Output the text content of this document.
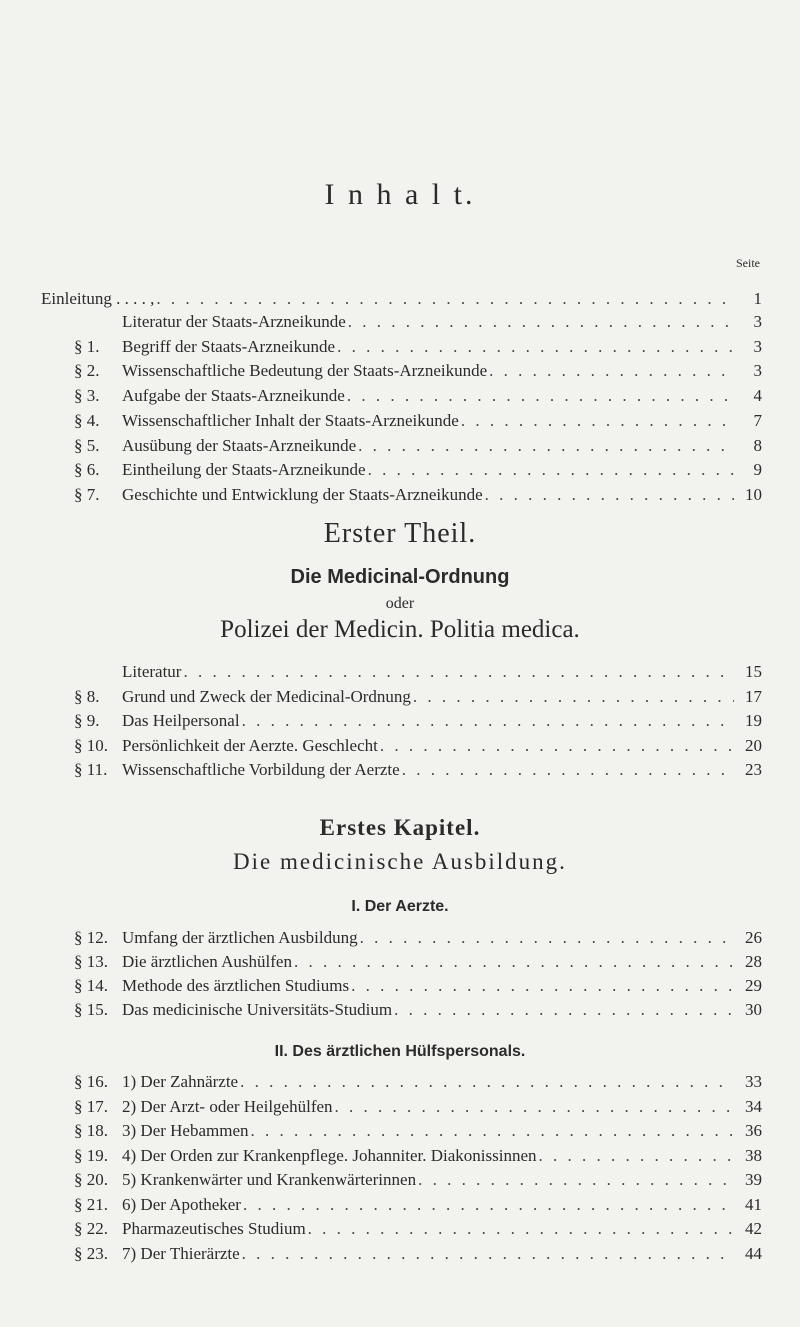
I n h a l t.
Seite
Einleitung . . . . , . . .	1
Literatur der Staats-Arzneikunde . . .	3
§ 1.	Begriff der Staats-Arzneikunde . . .	3
§ 2.	Wissenschaftliche Bedeutung der Staats-Arzneikunde . . .	3
§ 3.	Aufgabe der Staats-Arzneikunde . . .	4
§ 4.	Wissenschaftlicher Inhalt der Staats-Arzneikunde . . .	7
§ 5.	Ausübung der Staats-Arzneikunde . . .	8
§ 6.	Eintheilung der Staats-Arzneikunde . . .	9
§ 7.	Geschichte und Entwicklung der Staats-Arzneikunde . . .	10
Erster Theil.
Die Medicinal-Ordnung
oder
Polizei der Medicin. Politia medica.
Literatur . . .	15
§ 8.	Grund und Zweck der Medicinal-Ordnung . . .	17
§ 9.	Das Heilpersonal . . .	19
§ 10. Persönlichkeit der Aerzte. Geschlecht . . .	20
§ 11. Wissenschaftliche Vorbildung der Aerzte . . .	23
Erstes Kapitel.
Die medicinische Ausbildung.
I. Der Aerzte.
§ 12. Umfang der ärztlichen Ausbildung . . .	26
§ 13. Die ärztlichen Aushülfen . . .	28
§ 14. Methode des ärztlichen Studiums . . .	29
§ 15. Das medicinische Universitäts-Studium . . .	30
II. Des ärztlichen Hülfspersonals.
§ 16. 1) Der Zahnärzte . . .	33
§ 17. 2) Der Arzt- oder Heilgehülfen . . .	34
§ 18. 3) Der Hebammen . . .	36
§ 19. 4) Der Orden zur Krankenpflege. Johanniter. Diakonissinnen . . .	38
§ 20. 5) Krankenwärter und Krankenwärterinnen . . .	39
§ 21. 6) Der Apotheker . . .	41
§ 22. Pharmazeutisches Studium . . .	42
§ 23. 7) Der Thierärzte . . .	44
